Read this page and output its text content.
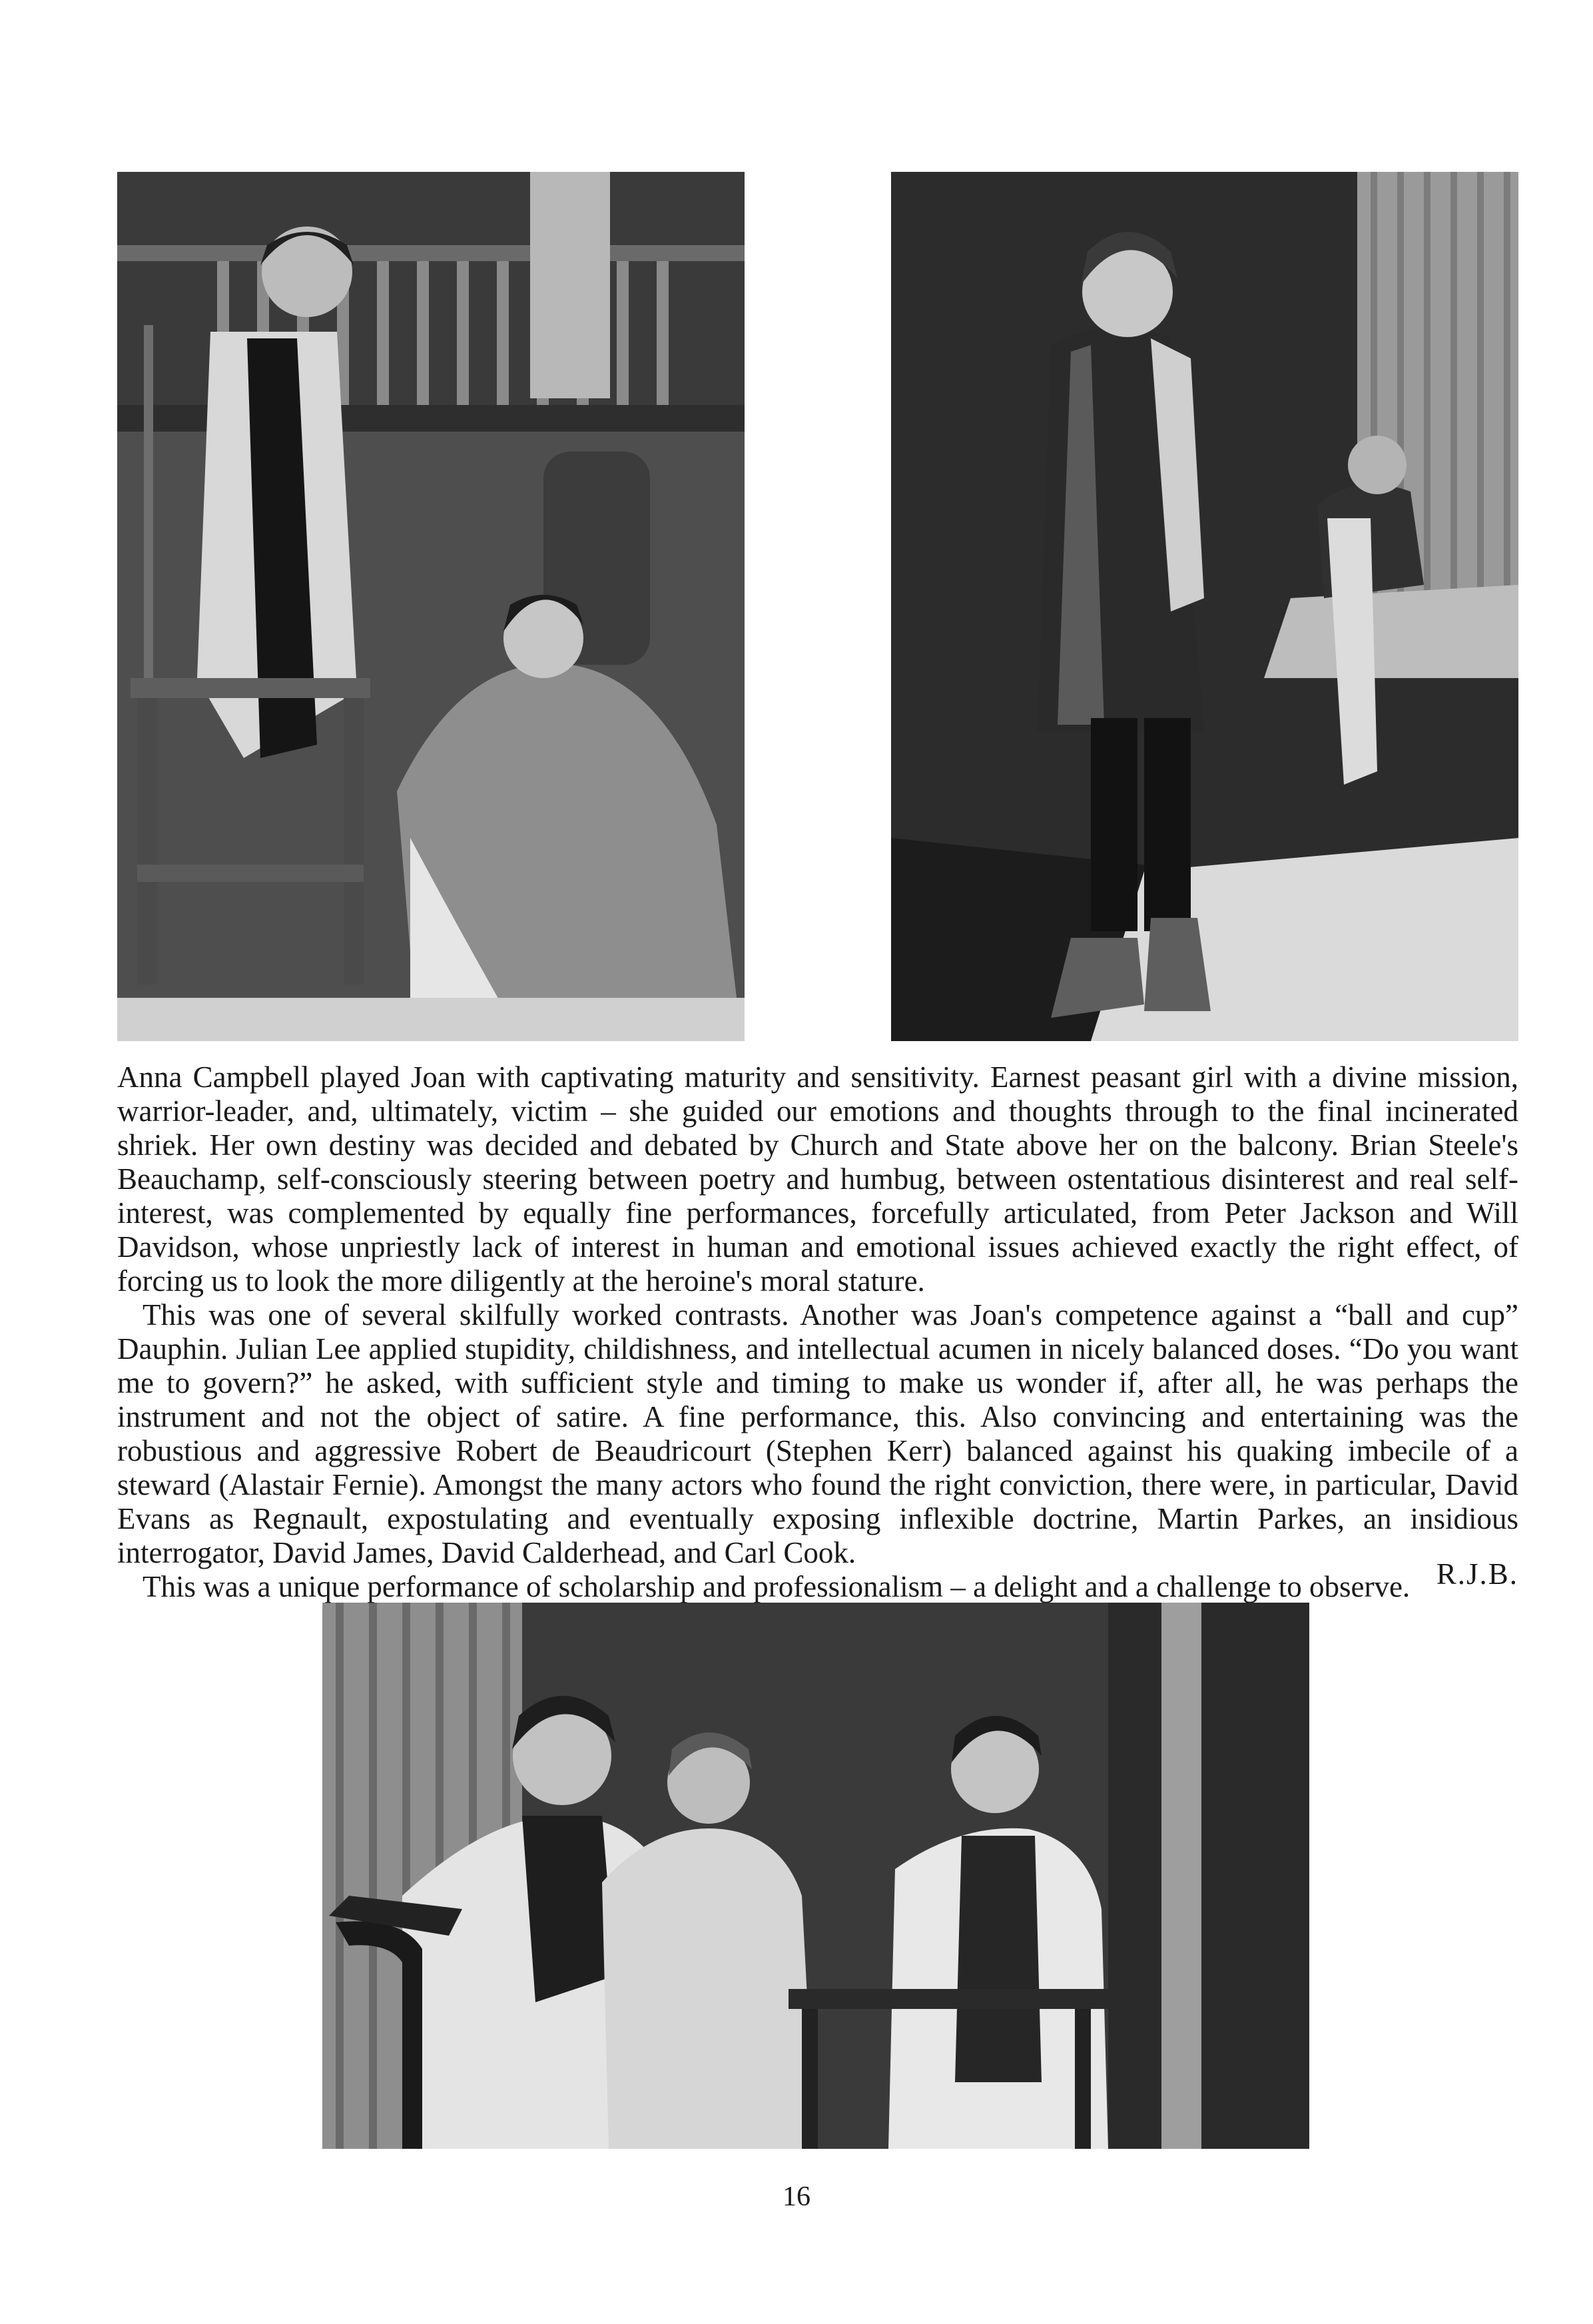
Anna Campbell played Joan with captivating maturity and sensitivity. Earnest peasant girl with a divine mission, warrior-leader, and, ultimately, victim – she guided our emotions and thoughts through to the final incinerated shriek. Her own destiny was decided and debated by Church and State above her on the balcony. Brian Steele's Beauchamp, self-consciously steering between poetry and humbug, between ostentatious disinterest and real self-interest, was complemented by equally fine performances, forcefully articulated, from Peter Jackson and Will Davidson, whose unpriestly lack of interest in human and emotional issues achieved exactly the right effect, of forcing us to look the more diligently at the heroine's moral stature.

This was one of several skilfully worked contrasts. Another was Joan's competence against a “ball and cup” Dauphin. Julian Lee applied stupidity, childishness, and intellectual acumen in nicely balanced doses. “Do you want me to govern?” he asked, with sufficient style and timing to make us wonder if, after all, he was perhaps the instrument and not the object of satire. A fine performance, this. Also convincing and entertaining was the robustious and aggressive Robert de Beaudricourt (Stephen Kerr) balanced against his quaking imbecile of a steward (Alastair Fernie). Amongst the many actors who found the right conviction, there were, in particular, David Evans as Regnault, expostulating and eventually exposing inflexible doctrine, Martin Parkes, an insidious interrogator, David James, David Calderhead, and Carl Cook.

This was a unique performance of scholarship and professionalism – a delight and a challenge to observe. R.J.B.
16
